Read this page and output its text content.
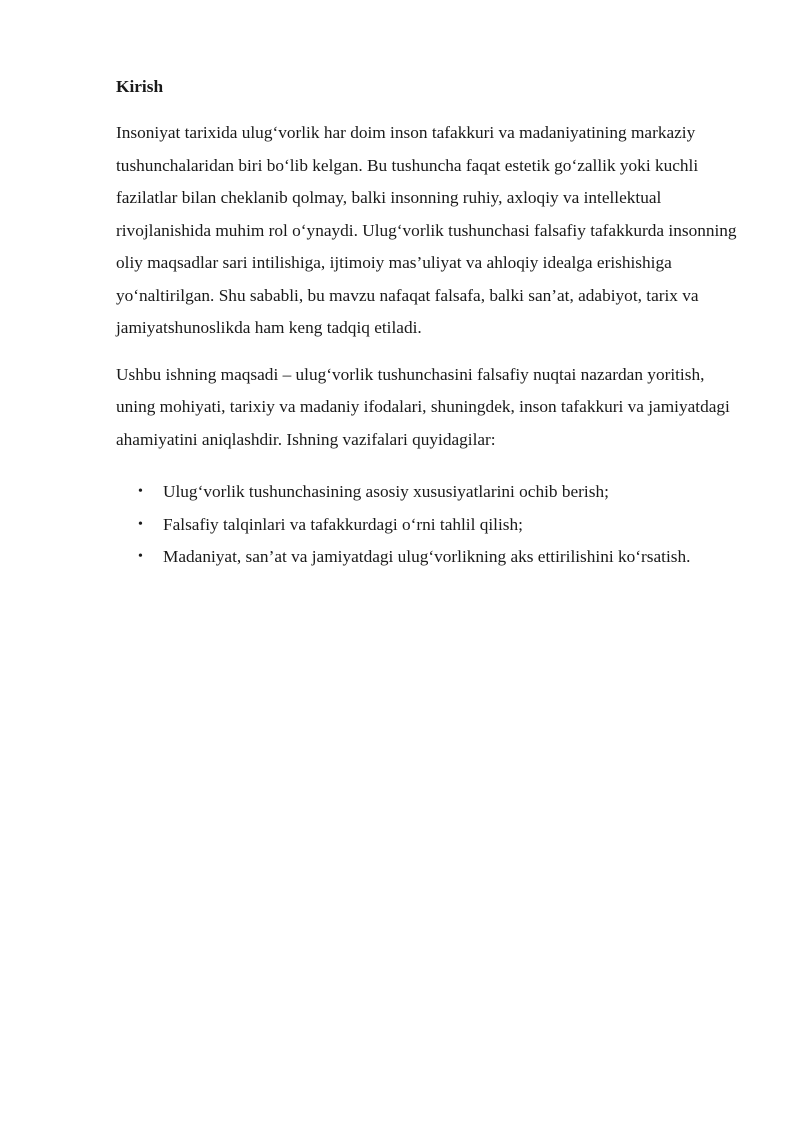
Kirish

Insoniyat tarixida ulug‘vorlik har doim inson tafakkuri va madaniyatining markaziy tushunchalaridan biri bo‘lib kelgan. Bu tushuncha faqat estetik go‘zallik yoki kuchli fazilatlar bilan cheklanib qolmay, balki insonning ruhiy, axloqiy va intellektual rivojlanishida muhim rol o‘ynaydi. Ulug‘vorlik tushunchasi falsafiy tafakkurda insonning oliy maqsadlar sari intilishiga, ijtimoiy mas’uliyat va ahloqiy idealga erishishiga yo‘naltirilgan. Shu sababli, bu mavzu nafaqat falsafa, balki san’at, adabiyot, tarix va jamiyatshunoslikda ham keng tadqiq etiladi.

Ushbu ishning maqsadi – ulug‘vorlik tushunchasini falsafiy nuqtai nazardan yoritish, uning mohiyati, tarixiy va madaniy ifodalari, shuningdek, inson tafakkuri va jamiyatdagi ahamiyatini aniqlashdir. Ishning vazifalari quyidagilar:

• Ulug‘vorlik tushunchasining asosiy xususiyatlarini ochib berish;
• Falsafiy talqinlari va tafakkurdagi o‘rni tahlil qilish;
• Madaniyat, san’at va jamiyatdagi ulug‘vorlikning aks ettirilishini ko‘rsatish.
